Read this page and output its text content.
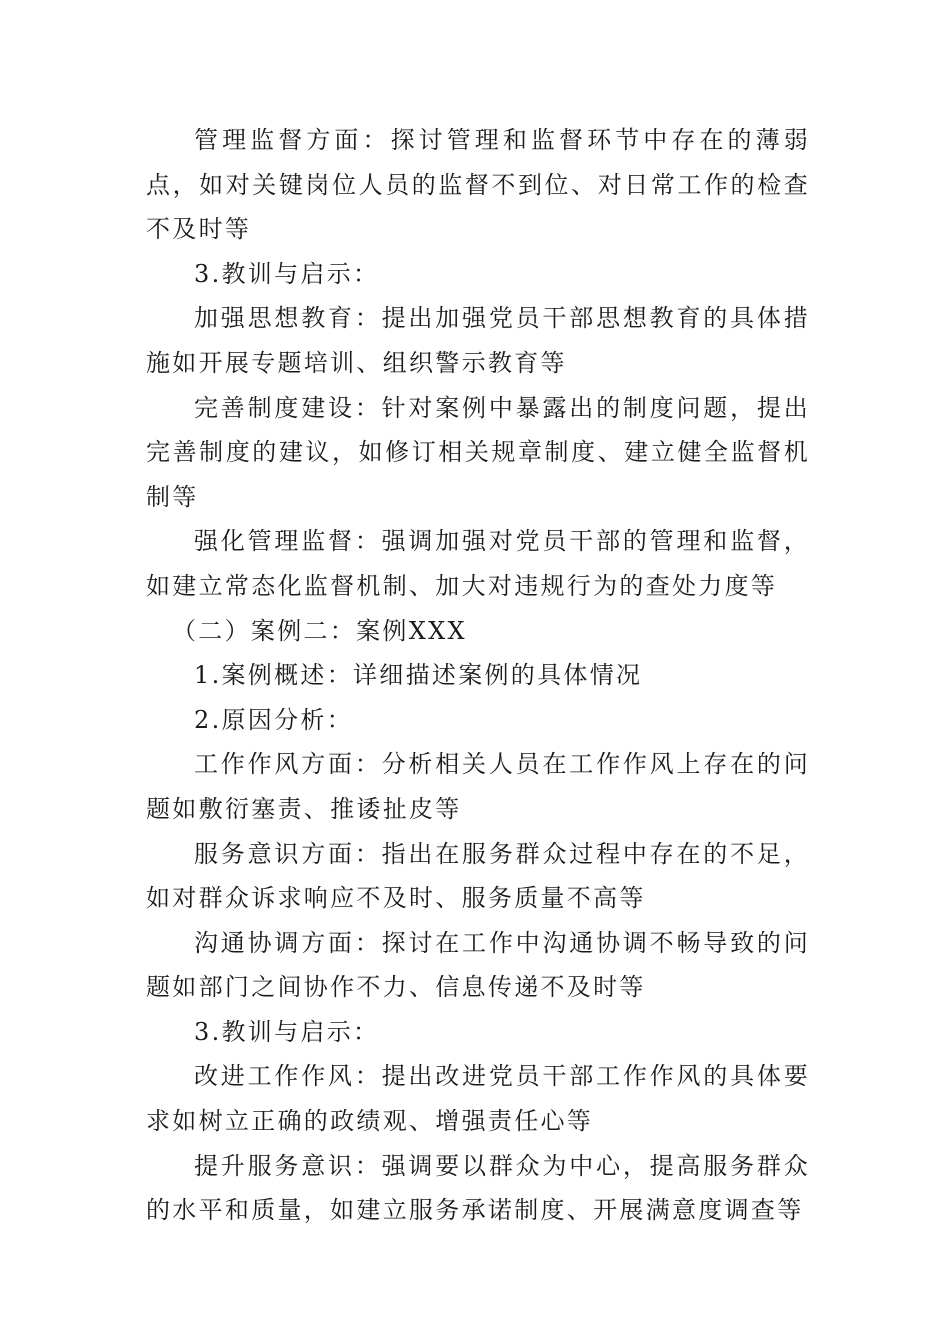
管理监督方面：探讨管理和监督环节中存在的薄弱点，如对关键岗位人员的监督不到位、对日常工作的检查不及时等

3.教训与启示：

加强思想教育：提出加强党员干部思想教育的具体措施如开展专题培训、组织警示教育等

完善制度建设：针对案例中暴露出的制度问题，提出完善制度的建议，如修订相关规章制度、建立健全监督机制等

强化管理监督：强调加强对党员干部的管理和监督，如建立常态化监督机制、加大对违规行为的查处力度等

（二）案例二：案例XXX

1.案例概述：详细描述案例的具体情况

2.原因分析：

工作作风方面：分析相关人员在工作作风上存在的问题如敷衍塞责、推诿扯皮等

服务意识方面：指出在服务群众过程中存在的不足，如对群众诉求响应不及时、服务质量不高等

沟通协调方面：探讨在工作中沟通协调不畅导致的问题如部门之间协作不力、信息传递不及时等

3.教训与启示：

改进工作作风：提出改进党员干部工作作风的具体要求如树立正确的政绩观、增强责任心等

提升服务意识：强调要以群众为中心，提高服务群众的水平和质量，如建立服务承诺制度、开展满意度调查等
